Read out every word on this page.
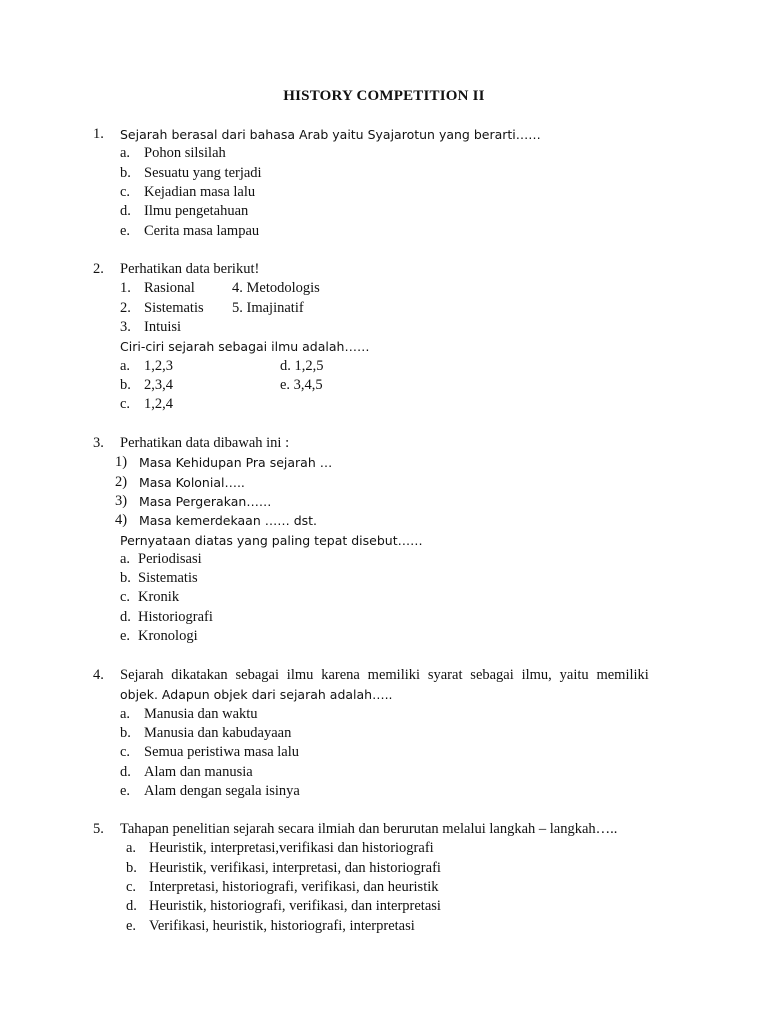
HISTORY COMPETITION II
1. Sejarah berasal dari bahasa Arab yaitu Syajarotun yang berarti……
a. Pohon silsilah
b. Sesuatu yang terjadi
c. Kejadian masa lalu
d. Ilmu pengetahuan
e. Cerita masa lampau
2. Perhatikan data berikut!
1. Rasional	4. Metodologis
2. Sistematis 5. Imajinatif
3. Intuisi
Ciri-ciri sejarah sebagai ilmu adalah……
a. 1,2,3	d. 1,2,5
b. 2,3,4	e. 3,4,5
c. 1,2,4
3. Perhatikan data dibawah ini :
1) Masa Kehidupan Pra sejarah …
2) Masa Kolonial…..
3) Masa Pergerakan……
4) Masa kemerdekaan …… dst.
Pernyataan diatas yang paling tepat disebut……
a. Periodisasi
b. Sistematis
c. Kronik
d. Historiografi
e. Kronologi
4. Sejarah dikatakan sebagai ilmu karena memiliki syarat sebagai ilmu, yaitu memiliki
objek. Adapun objek dari sejarah adalah…..
a. Manusia dan waktu
b. Manusia dan kabudayaan
c. Semua peristiwa masa lalu
d. Alam dan manusia
e. Alam dengan segala isinya
5. Tahapan penelitian sejarah secara ilmiah dan berurutan melalui langkah – langkah…..
a. Heuristik, interpretasi,verifikasi dan historiografi
b. Heuristik, verifikasi, interpretasi, dan historiografi
c. Interpretasi, historiografi, verifikasi, dan heuristik
d. Heuristik, historiografi, verifikasi, dan interpretasi
e. Verifikasi, heuristik, historiografi, interpretasi
